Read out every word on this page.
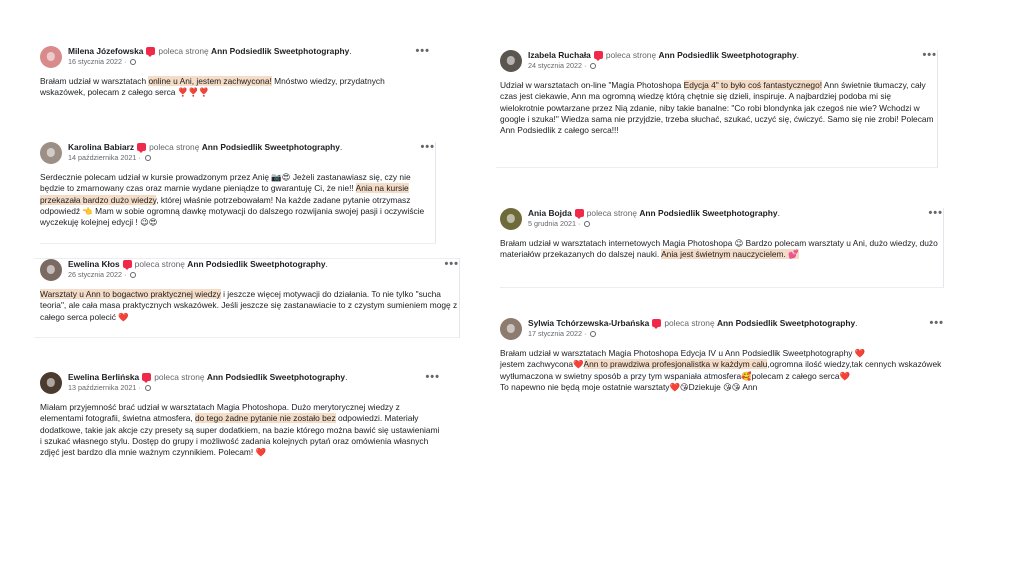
Milena Józefowska poleca stronę Ann Podsiedlik Sweetphotography.
16 stycznia 2022 ·
•••
Brałam udział w warsztatach online u Ani, jestem zachwycona! Mnóstwo wiedzy, przydatnych wskazówek, polecam z całego serca ❣️❣️❣️
Karolina Babiarz poleca stronę Ann Podsiedlik Sweetphotography.
14 października 2021 ·
•••
Serdecznie polecam udział w kursie prowadzonym przez Anię 📷😍 Jeżeli zastanawiasz się, czy nie będzie to zmarnowany czas oraz marnie wydane pieniądze to gwarantuję Ci, że nie!! Ania na kursie przekazała bardzo dużo wiedzy, której właśnie potrzebowałam! Na każde zadane pytanie otrzymasz odpowiedź 👈 Mam w sobie ogromną dawkę motywacji do dalszego rozwijania swojej pasji i oczywiście wyczekuję kolejnej edycji ! 😉😍
Ewelina Kłos poleca stronę Ann Podsiedlik Sweetphotography.
26 stycznia 2022 ·
•••
Warsztaty u Ann to bogactwo praktycznej wiedzy i jeszcze więcej motywacji do działania. To nie tylko "sucha teoria", ale cała masa praktycznych wskazówek. Jeśli jeszcze się zastanawiacie to z czystym sumieniem mogę z całego serca polecić ❤️
Ewelina Berlińska poleca stronę Ann Podsiedlik Sweetphotography.
13 października 2021 ·
•••
Miałam przyjemność brać udział w warsztatach Magia Photoshopa. Dużo merytorycznej wiedzy z elementami fotografii, świetna atmosfera, do tego żadne pytanie nie zostało bez odpowiedzi. Materiały dodatkowe, takie jak akcje czy presety są super dodatkiem, na bazie którego można bawić się ustawieniami i szukać własnego stylu. Dostęp do grupy i możliwość zadania kolejnych pytań oraz omówienia własnych zdjęć jest bardzo dla mnie ważnym czynnikiem. Polecam! ❤️
Izabela Ruchała poleca stronę Ann Podsiedlik Sweetphotography.
24 stycznia 2022 ·
•••
Udział w warsztatach on-line "Magia Photoshopa Edycja 4" to było coś fantastycznego! Ann świetnie tłumaczy, cały czas jest ciekawie, Ann ma ogromną wiedzę którą chętnie się dzieli, inspiruje. A najbardziej podoba mi się wielokrotnie powtarzane przez Nią zdanie, niby takie banalne: "Co robi blondynka jak czegoś nie wie? Wchodzi w google i szuka!" Wiedza sama nie przyjdzie, trzeba słuchać, szukać, uczyć się, ćwiczyć. Samo się nie zrobi! Polecam Ann Podsiedlik z całego serca!!!
Ania Bojda poleca stronę Ann Podsiedlik Sweetphotography.
5 grudnia 2021 ·
•••
Brałam udział w warsztatach internetowych Magia Photoshopa 😉 Bardzo polecam warsztaty u Ani, dużo wiedzy, dużo materiałów przekazanych do dalszej nauki. Ania jest świetnym nauczycielem. 💕
Sylwia Tchórzewska-Urbańska poleca stronę Ann Podsiedlik Sweetphotography.
17 stycznia 2022 ·
•••
Brałam udział w warsztatach Magia Photoshopa Edycja IV u Ann Podsiedlik Sweetphotography ❤️
jestem zachwycona❤️Ann to prawdziwa profesjonalistka w każdym calu,ogromna ilość wiedzy,tak cennych wskazówek wytłumaczona w swietny sposób a przy tym wspaniała atmosfera🥰polecam z całego serca❤️
To napewno nie będą moje ostatnie warsztaty❤️😘Dziekuje 😘😘 Ann
